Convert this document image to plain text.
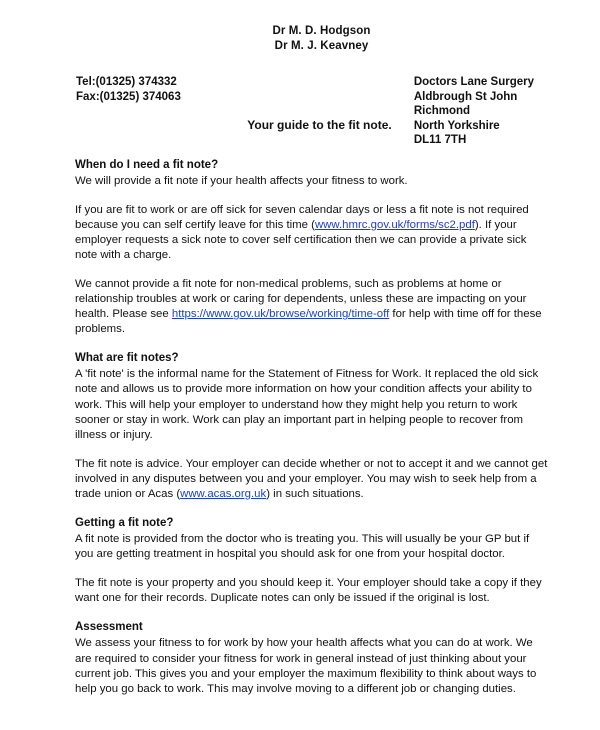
Dr M. D. Hodgson
Dr M. J. Keavney
Tel:(01325) 374332
Fax:(01325) 374063
Doctors Lane Surgery
Aldbrough St John
Richmond
North Yorkshire
DL11 7TH
Your guide to the fit note.
When do I need a fit note?

We will provide a fit note if your health affects your fitness to work.

If you are fit to work or are off sick for seven calendar days or less a fit note is not required because you can self certify leave for this time (www.hmrc.gov.uk/forms/sc2.pdf). If your employer requests a sick note to cover self certification then we can provide a private sick note with a charge.

We cannot provide a fit note for non-medical problems, such as problems at home or relationship troubles at work or caring for dependents, unless these are impacting on your health. Please see https://www.gov.uk/browse/working/time-off for help with time off for these problems.

What are fit notes?

A 'fit note' is the informal name for the Statement of Fitness for Work. It replaced the old sick note and allows us to provide more information on how your condition affects your ability to work. This will help your employer to understand how they might help you return to work sooner or stay in work. Work can play an important part in helping people to recover from illness or injury.

The fit note is advice. Your employer can decide whether or not to accept it and we cannot get involved in any disputes between you and your employer. You may wish to seek help from a trade union or Acas (www.acas.org.uk) in such situations.

Getting a fit note?

A fit note is provided from the doctor who is treating you. This will usually be your GP but if you are getting treatment in hospital you should ask for one from your hospital doctor.

The fit note is your property and you should keep it. Your employer should take a copy if they want one for their records. Duplicate notes can only be issued if the original is lost.

Assessment

We assess your fitness to for work by how your health affects what you can do at work. We are required to consider your fitness for work in general instead of just thinking about your current job. This gives you and your employer the maximum flexibility to think about ways to help you go back to work. This may involve moving to a different job or changing duties.
